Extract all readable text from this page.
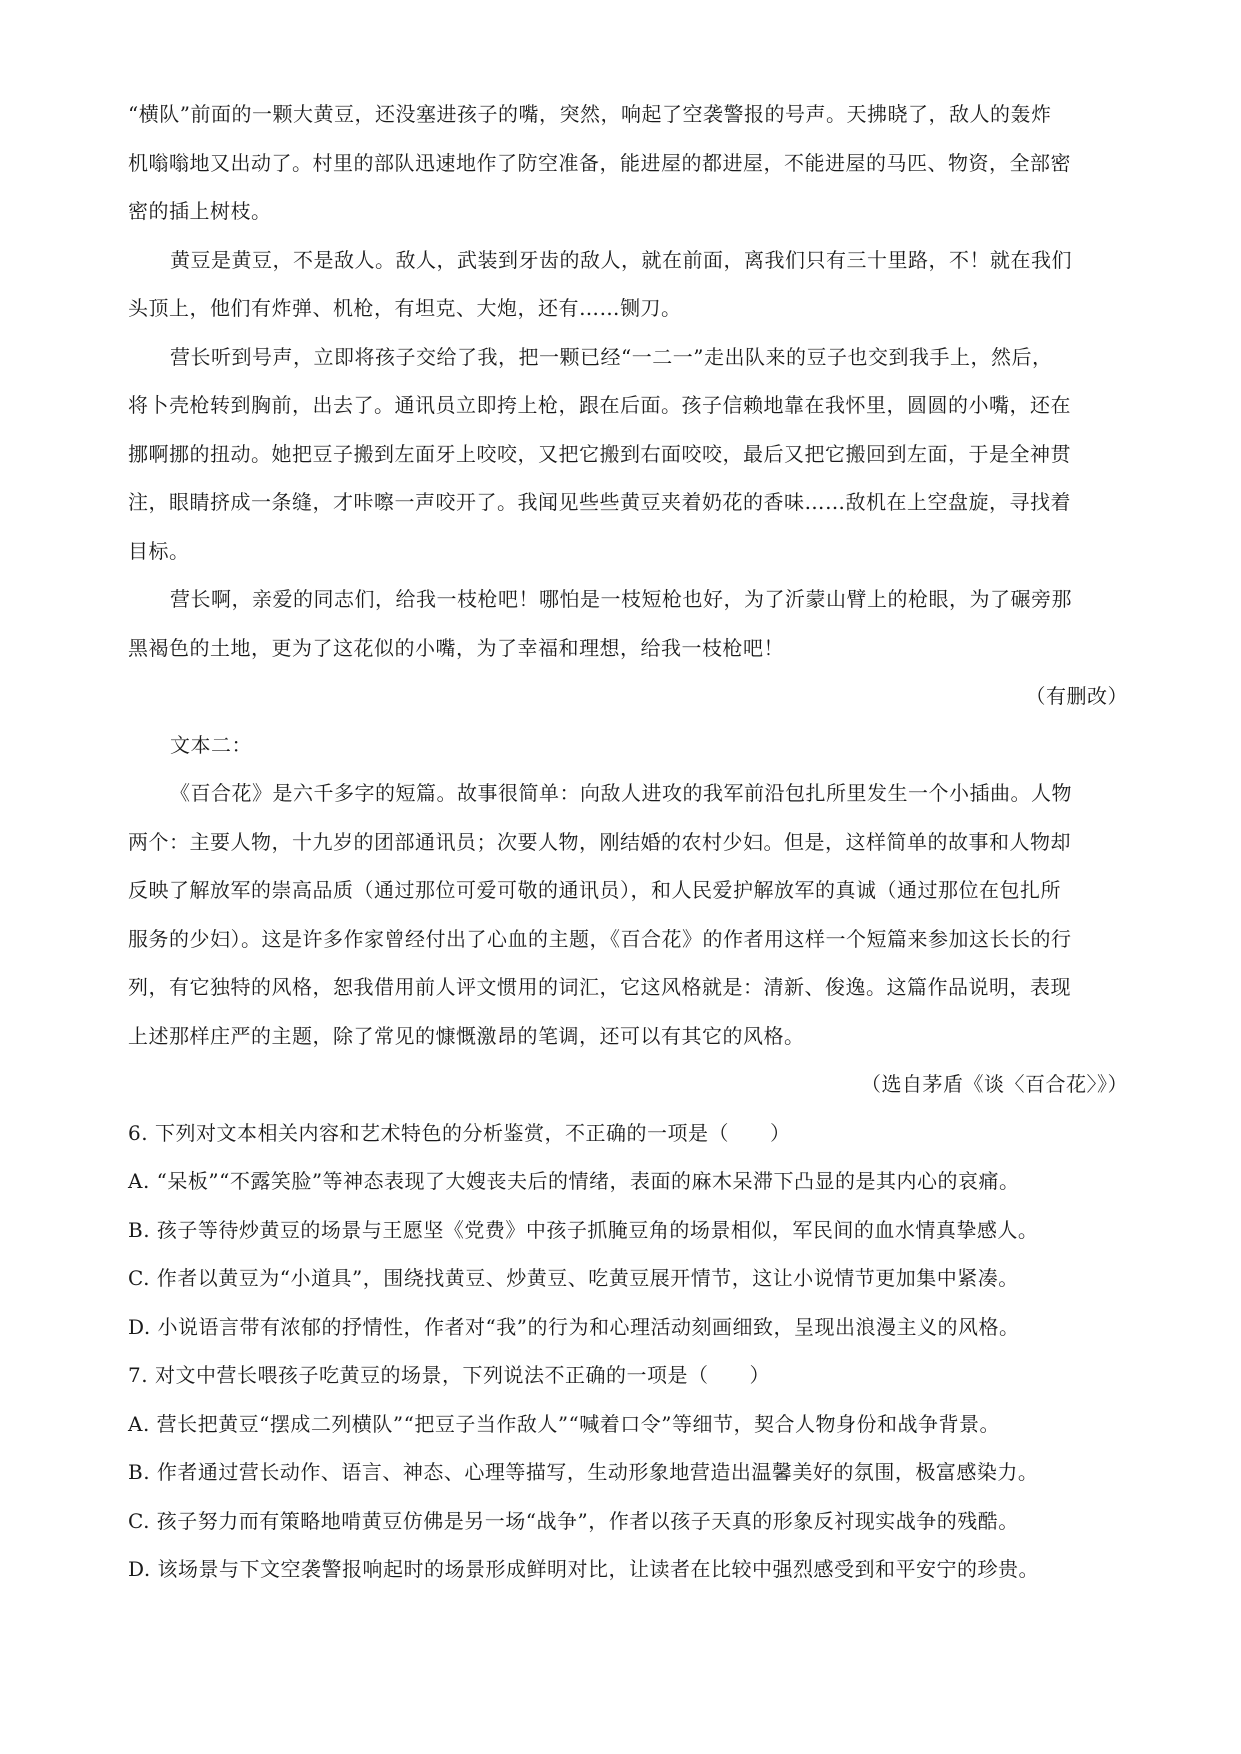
“横队”前面的一颗大黄豆，还没塞进孩子的嘴，突然，响起了空袭警报的号声。天拂晓了，敌人的轰炸
机嗡嗡地又出动了。村里的部队迅速地作了防空准备，能进屋的都进屋，不能进屋的马匹、物资，全部密
密的插上树枝。
黄豆是黄豆，不是敌人。敌人，武装到牙齿的敌人，就在前面，离我们只有三十里路，不！就在我们
头顶上，他们有炸弹、机枪，有坦克、大炮，还有……铡刀。
营长听到号声，立即将孩子交给了我，把一颗已经“一二一”走出队来的豆子也交到我手上，然后，
将卜壳枪转到胸前，出去了。通讯员立即挎上枪，跟在后面。孩子信赖地靠在我怀里，圆圆的小嘴，还在
挪啊挪的扭动。她把豆子搬到左面牙上咬咬，又把它搬到右面咬咬，最后又把它搬回到左面，于是全神贯
注，眼睛挤成一条缝，才咔嚓一声咬开了。我闻见些些黄豆夹着奶花的香味……敌机在上空盘旋，寻找着
目标。
营长啊，亲爱的同志们，给我一枝枪吧！哪怕是一枝短枪也好，为了沂蒙山臂上的枪眼，为了碾旁那
黑褐色的土地，更为了这花似的小嘴，为了幸福和理想，给我一枝枪吧！
（有删改）
文本二：
《百合花》是六千多字的短篇。故事很简单：向敌人进攻的我军前沿包扎所里发生一个小插曲。人物
两个：主要人物，十九岁的团部通讯员；次要人物，刚结婚的农村少妇。但是，这样简单的故事和人物却
反映了解放军的崇高品质（通过那位可爱可敬的通讯员），和人民爱护解放军的真诚（通过那位在包扎所
服务的少妇）。这是许多作家曾经付出了心血的主题，《百合花》的作者用这样一个短篇来参加这长长的行
列，有它独特的风格，恕我借用前人评文惯用的词汇，它这风格就是：清新、俊逸。这篇作品说明，表现
上述那样庄严的主题，除了常见的慷慨激昂的笔调，还可以有其它的风格。
（选自茅盾《谈〈百合花〉》）
6. 下列对文本相关内容和艺术特色的分析鉴赏，不正确的一项是（　　）
A. “呆板”“不露笑脸”等神态表现了大嫂丧夫后的情绪，表面的麻木呆滞下凸显的是其内心的哀痛。
B. 孩子等待炒黄豆的场景与王愿坚《党费》中孩子抓腌豆角的场景相似，军民间的血水情真挚感人。
C. 作者以黄豆为“小道具”，围绕找黄豆、炒黄豆、吃黄豆展开情节，这让小说情节更加集中紧凑。
D. 小说语言带有浓郁的抒情性，作者对“我”的行为和心理活动刻画细致，呈现出浪漫主义的风格。
7. 对文中营长喂孩子吃黄豆的场景，下列说法不正确的一项是（　　）
A. 营长把黄豆“摆成二列横队”“把豆子当作敌人”“喊着口令”等细节，契合人物身份和战争背景。
B. 作者通过营长动作、语言、神态、心理等描写，生动形象地营造出温馨美好的氛围，极富感染力。
C. 孩子努力而有策略地啃黄豆仿佛是另一场“战争”，作者以孩子天真的形象反衬现实战争的残酷。
D. 该场景与下文空袭警报响起时的场景形成鲜明对比，让读者在比较中强烈感受到和平安宁的珍贵。
